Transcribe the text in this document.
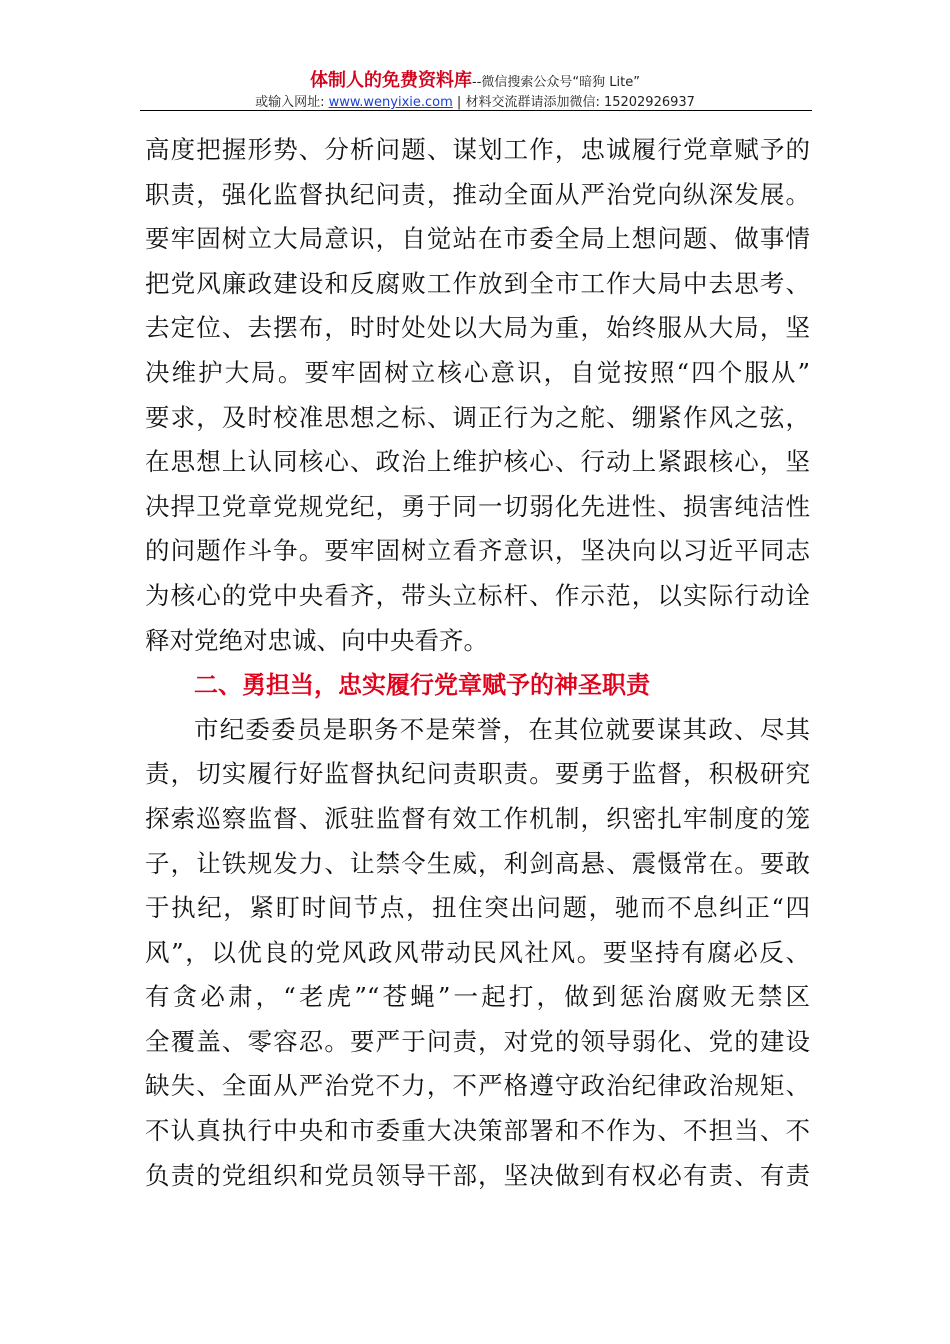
体制人的免费资料库--微信搜索公众号“暗狗 Lite”
或输入网址: www.wenyixie.com | 材料交流群请添加微信: 15202926937
高度把握形势、分析问题、谋划工作，忠诚履行党章赋予的
职责，强化监督执纪问责，推动全面从严治党向纵深发展。
要牢固树立大局意识，自觉站在市委全局上想问题、做事情
把党风廉政建设和反腐败工作放到全市工作大局中去思考、
去定位、去摆布，时时处处以大局为重，始终服从大局，坚
决维护大局。要牢固树立核心意识，自觉按照“四个服从”
要求，及时校准思想之标、调正行为之舵、绷紧作风之弦，
在思想上认同核心、政治上维护核心、行动上紧跟核心，坚
决捍卫党章党规党纪，勇于同一切弱化先进性、损害纯洁性
的问题作斗争。要牢固树立看齐意识，坚决向以习近平同志
为核心的党中央看齐，带头立标杆、作示范，以实际行动诠
释对党绝对忠诚、向中央看齐。
二、勇担当，忠实履行党章赋予的神圣职责
市纪委委员是职务不是荣誉，在其位就要谋其政、尽其
责，切实履行好监督执纪问责职责。要勇于监督，积极研究
探索巡察监督、派驻监督有效工作机制，织密扎牢制度的笼
子，让铁规发力、让禁令生威，利剑高悬、震慑常在。要敢
于执纪，紧盯时间节点，扭住突出问题，驰而不息纠正“四
风”，以优良的党风政风带动民风社风。要坚持有腐必反、
有贪必肃，“老虎”“苍蝇”一起打，做到惩治腐败无禁区
全覆盖、零容忍。要严于问责，对党的领导弱化、党的建设
缺失、全面从严治党不力，不严格遵守政治纪律政治规矩、
不认真执行中央和市委重大决策部署和不作为、不担当、不
负责的党组织和党员领导干部，坚决做到有权必有责、有责
